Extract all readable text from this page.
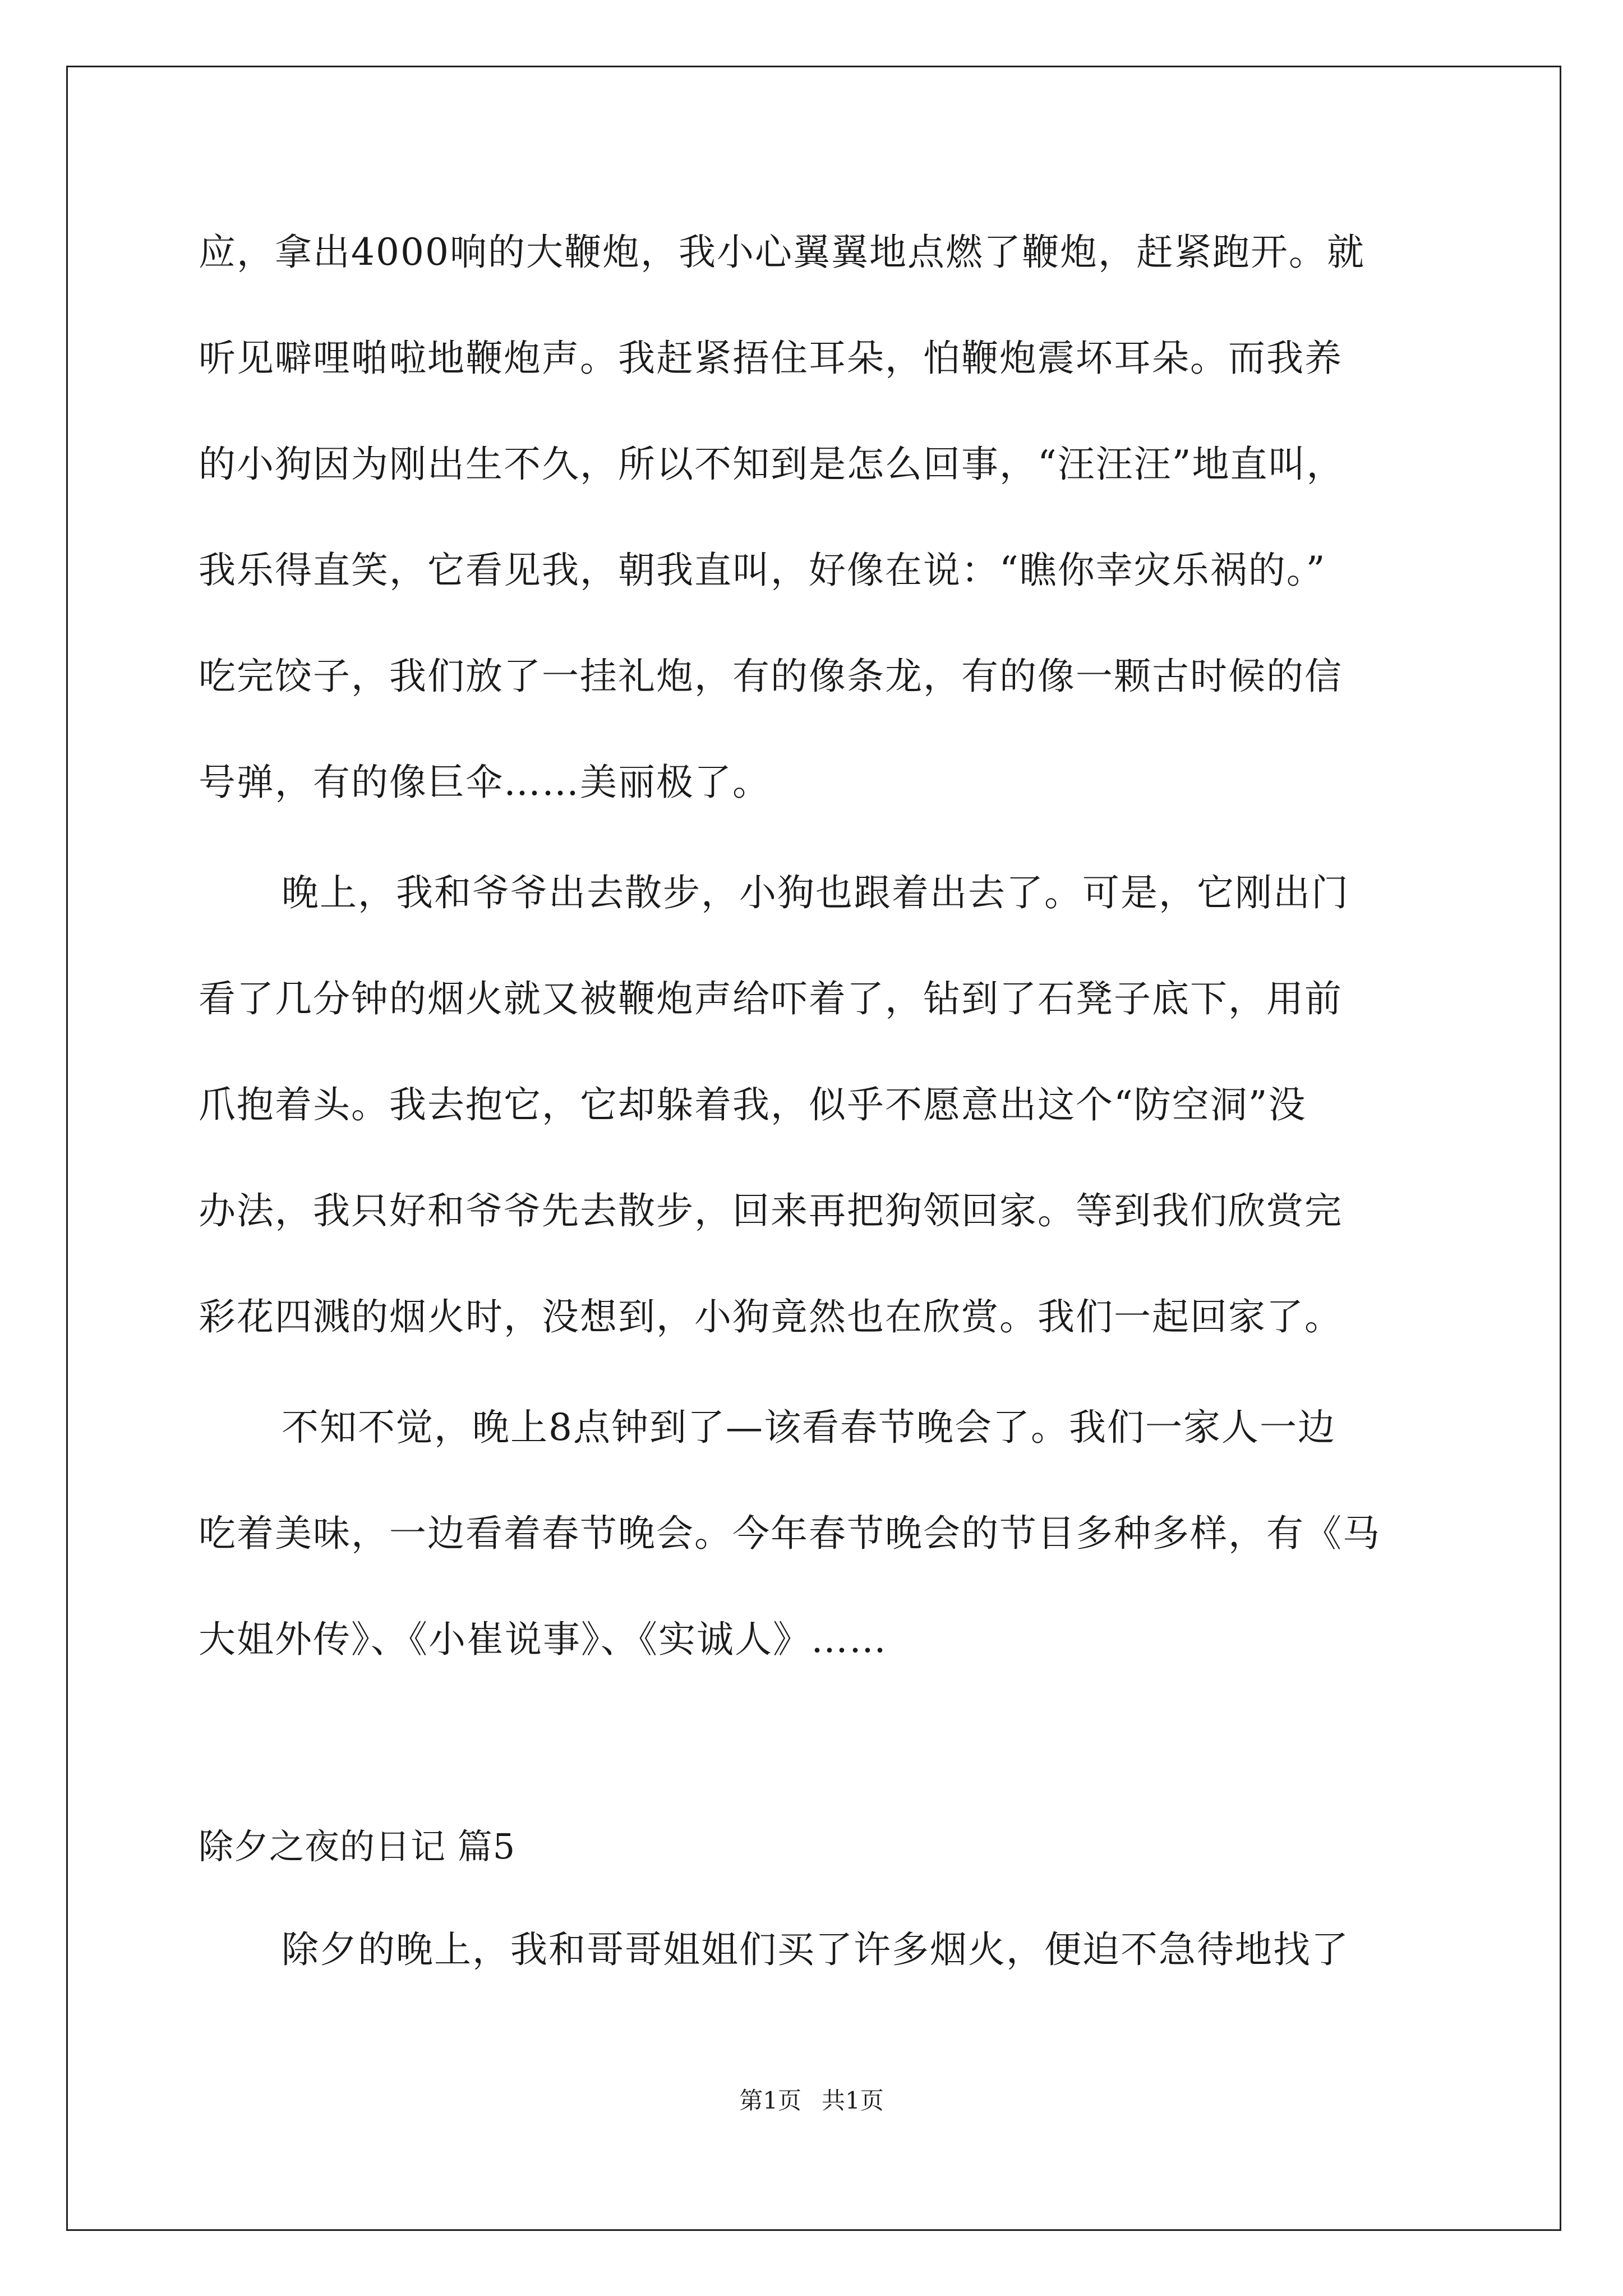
应，拿出4000响的大鞭炮，我小心翼翼地点燃了鞭炮，赶紧跑开。就
听见噼哩啪啦地鞭炮声。我赶紧捂住耳朵，怕鞭炮震坏耳朵。而我养
的小狗因为刚出生不久，所以不知到是怎么回事，“汪汪汪”地直叫，
我乐得直笑，它看见我，朝我直叫，好像在说：“瞧你幸灾乐祸的。”
吃完饺子，我们放了一挂礼炮，有的像条龙，有的像一颗古时候的信
号弹，有的像巨伞……美丽极了。
晚上，我和爷爷出去散步，小狗也跟着出去了。可是，它刚出门
看了几分钟的烟火就又被鞭炮声给吓着了，钻到了石凳子底下，用前
爪抱着头。我去抱它，它却躲着我，似乎不愿意出这个“防空洞”没
办法，我只好和爷爷先去散步，回来再把狗领回家。等到我们欣赏完
彩花四溅的烟火时，没想到，小狗竟然也在欣赏。我们一起回家了。
不知不觉，晚上8点钟到了—该看春节晚会了。我们一家人一边
吃着美味，一边看着春节晚会。今年春节晚会的节目多种多样，有《马
大姐外传》、《小崔说事》、《实诚人》……
除夕之夜的日记 篇5
除夕的晚上，我和哥哥姐姐们买了许多烟火，便迫不急待地找了
第1页 共1页
